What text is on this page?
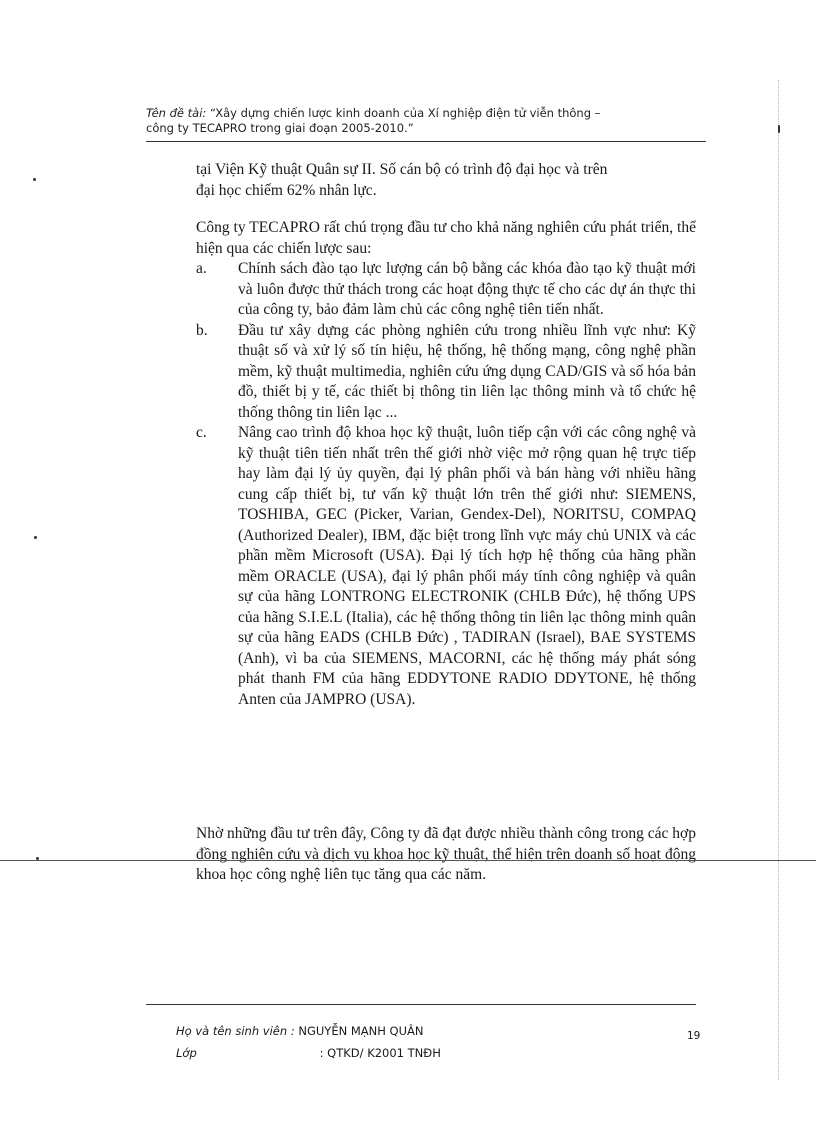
Tên đề tài: “Xây dựng chiến lược kinh doanh của Xí nghiệp điện tử viễn thông –
công ty TECAPRO trong giai đoạn 2005-2010.”

tại Viện Kỹ thuật Quân sự II. Số cán bộ có trình độ đại học và trên

đại học chiếm 62% nhân lực.

Công ty TECAPRO rất chú trọng đầu tư cho khả năng nghiên cứu phát triển, thể hiện qua các chiến lược sau:

a. Chính sách đào tạo lực lượng cán bộ bằng các khóa đào tạo kỹ thuật mới và luôn được thử thách trong các hoạt động thực tế cho các dự án thực thi của công ty, bảo đảm làm chủ các công nghệ tiên tiến nhất.
b. Đầu tư xây dựng các phòng nghiên cứu trong nhiều lĩnh vực như: Kỹ thuật số và xử lý số tín hiệu, hệ thống, hệ thống mạng, công nghệ phần mềm, kỹ thuật multimedia, nghiên cứu ứng dụng CAD/GIS và số hóa bản đồ, thiết bị y tế, các thiết bị thông tin liên lạc thông minh và tổ chức hệ thống thông tin liên lạc ...
c. Nâng cao trình độ khoa học kỹ thuật, luôn tiếp cận với các công nghệ và kỹ thuật tiên tiến nhất trên thế giới nhờ việc mở rộng quan hệ trực tiếp hay làm đại lý ủy quyền, đại lý phân phối và bán hàng với nhiều hãng cung cấp thiết bị, tư vấn kỹ thuật lớn trên thế giới như: SIEMENS, TOSHIBA, GEC (Picker, Varian, Gendex-Del), NORITSU, COMPAQ (Authorized Dealer), IBM, đặc biệt trong lĩnh vực máy chủ UNIX và các phần mềm Microsoft (USA). Đại lý tích hợp hệ thống của hãng phần mềm ORACLE (USA), đại lý phân phối máy tính công nghiệp và quân sự của hãng LONTRONG ELECTRONIK (CHLB Đức), hệ thống UPS của hãng S.I.E.L (Italia), các hệ thống thông tin liên lạc thông minh quân sự của hãng EADS (CHLB Đức) , TADIRAN (Israel), BAE SYSTEMS (Anh), vì ba của SIEMENS, MACORNI, các hệ thống máy phát sóng phát thanh FM của hãng EDDYTONE RADIO DDYTONE, hệ thống Anten của JAMPRO (USA).
Nhờ những đầu tư trên đây, Công ty đã đạt được nhiều thành công trong các hợp đồng nghiên cứu và dịch vụ khoa học kỹ thuật, thể hiện trên doanh số hoạt động khoa học công nghệ liên tục tăng qua các năm.
Họ và tên sinh viên : NGUYỄN MẠNH QUÂN
Lớp	: QTKD/ K2001 TNĐH
19
